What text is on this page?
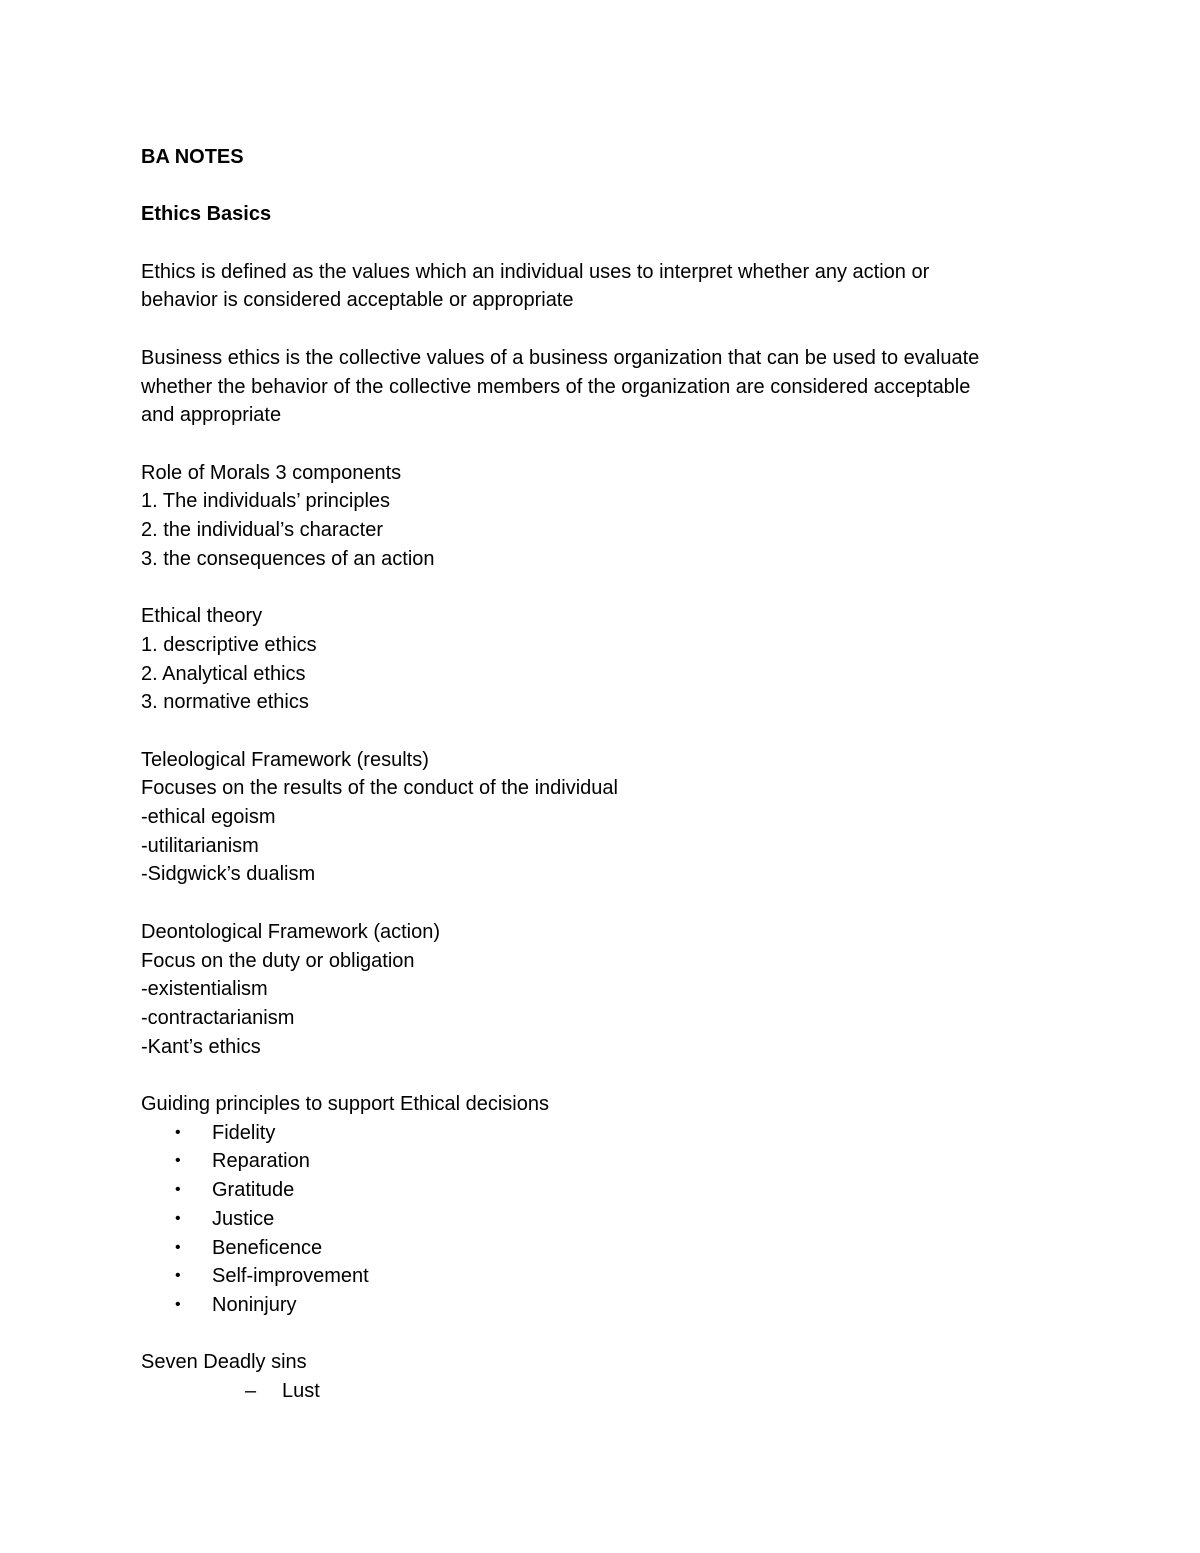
BA NOTES
Ethics Basics
Ethics is defined as the values which an individual uses to interpret whether any action or
behavior is considered acceptable or appropriate
Business ethics is the collective values of a business organization that can be used to evaluate
whether the behavior of the collective members of the organization are considered acceptable
and appropriate
Role of Morals 3 components
1. The individuals’ principles
2. the individual’s character
3. the consequences of an action
Ethical theory
1. descriptive ethics
2. Analytical ethics
3. normative ethics
Teleological Framework (results)
Focuses on the results of the conduct of the individual
-ethical egoism
-utilitarianism
-Sidgwick’s dualism
Deontological Framework (action)
Focus on the duty or obligation
-existentialism
-contractarianism
-Kant’s ethics
Guiding principles to support Ethical decisions
• Fidelity
• Reparation
• Gratitude
• Justice
• Beneficence
• Self-improvement
• Noninjury
Seven Deadly sins
– Lust
